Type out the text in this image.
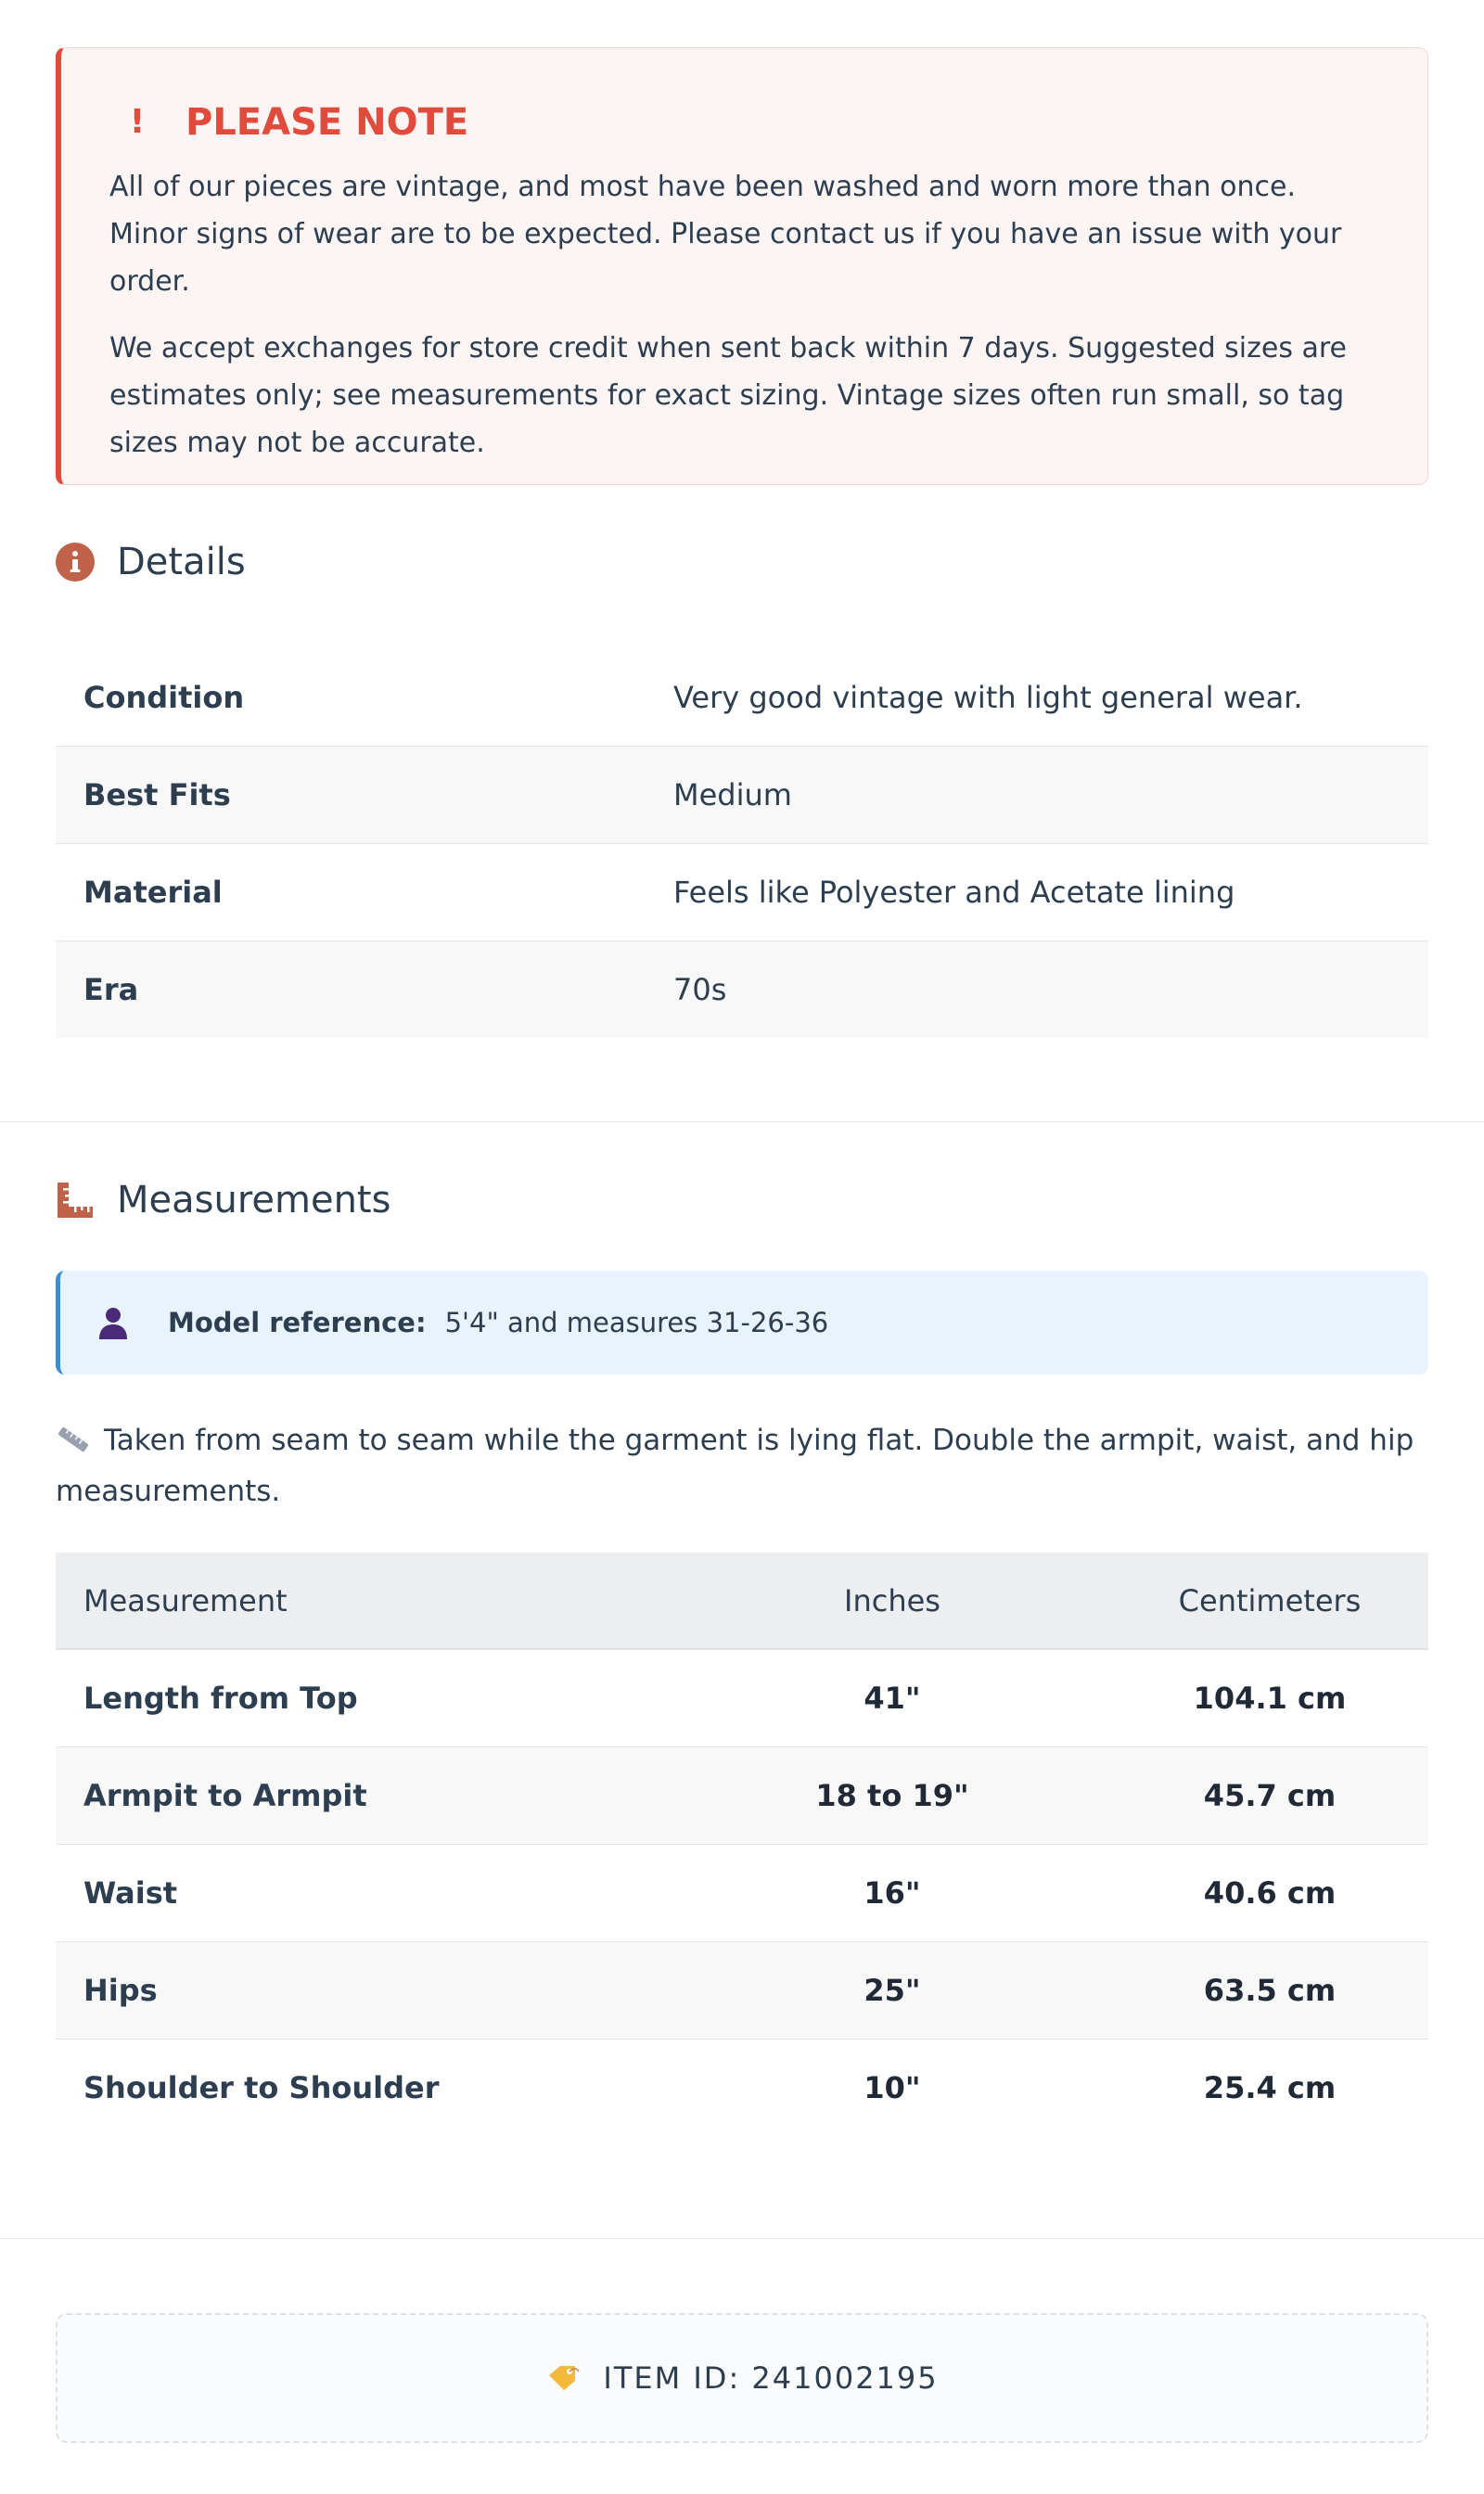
! PLEASE NOTE

All of our pieces are vintage, and most have been washed and worn more than once. Minor signs of wear are to be expected. Please contact us if you have an issue with your order.

We accept exchanges for store credit when sent back within 7 days. Suggested sizes are estimates only; see measurements for exact sizing. Vintage sizes often run small, so tag sizes may not be accurate.

Details
Condition	Very good vintage with light general wear.
Best Fits	Medium
Material	Feels like Polyester and Acetate lining
Era	70s
Measurements
Model reference: 5'4" and measures 31-26-36
Taken from seam to seam while the garment is lying flat. Double the armpit, waist, and hip measurements.
Measurement	Inches	Centimeters
Length from Top	41"	104.1 cm
Armpit to Armpit	18 to 19"	45.7 cm
Waist	16"	40.6 cm
Hips	25"	63.5 cm
Shoulder to Shoulder	10"	25.4 cm
ITEM ID: 241002195
